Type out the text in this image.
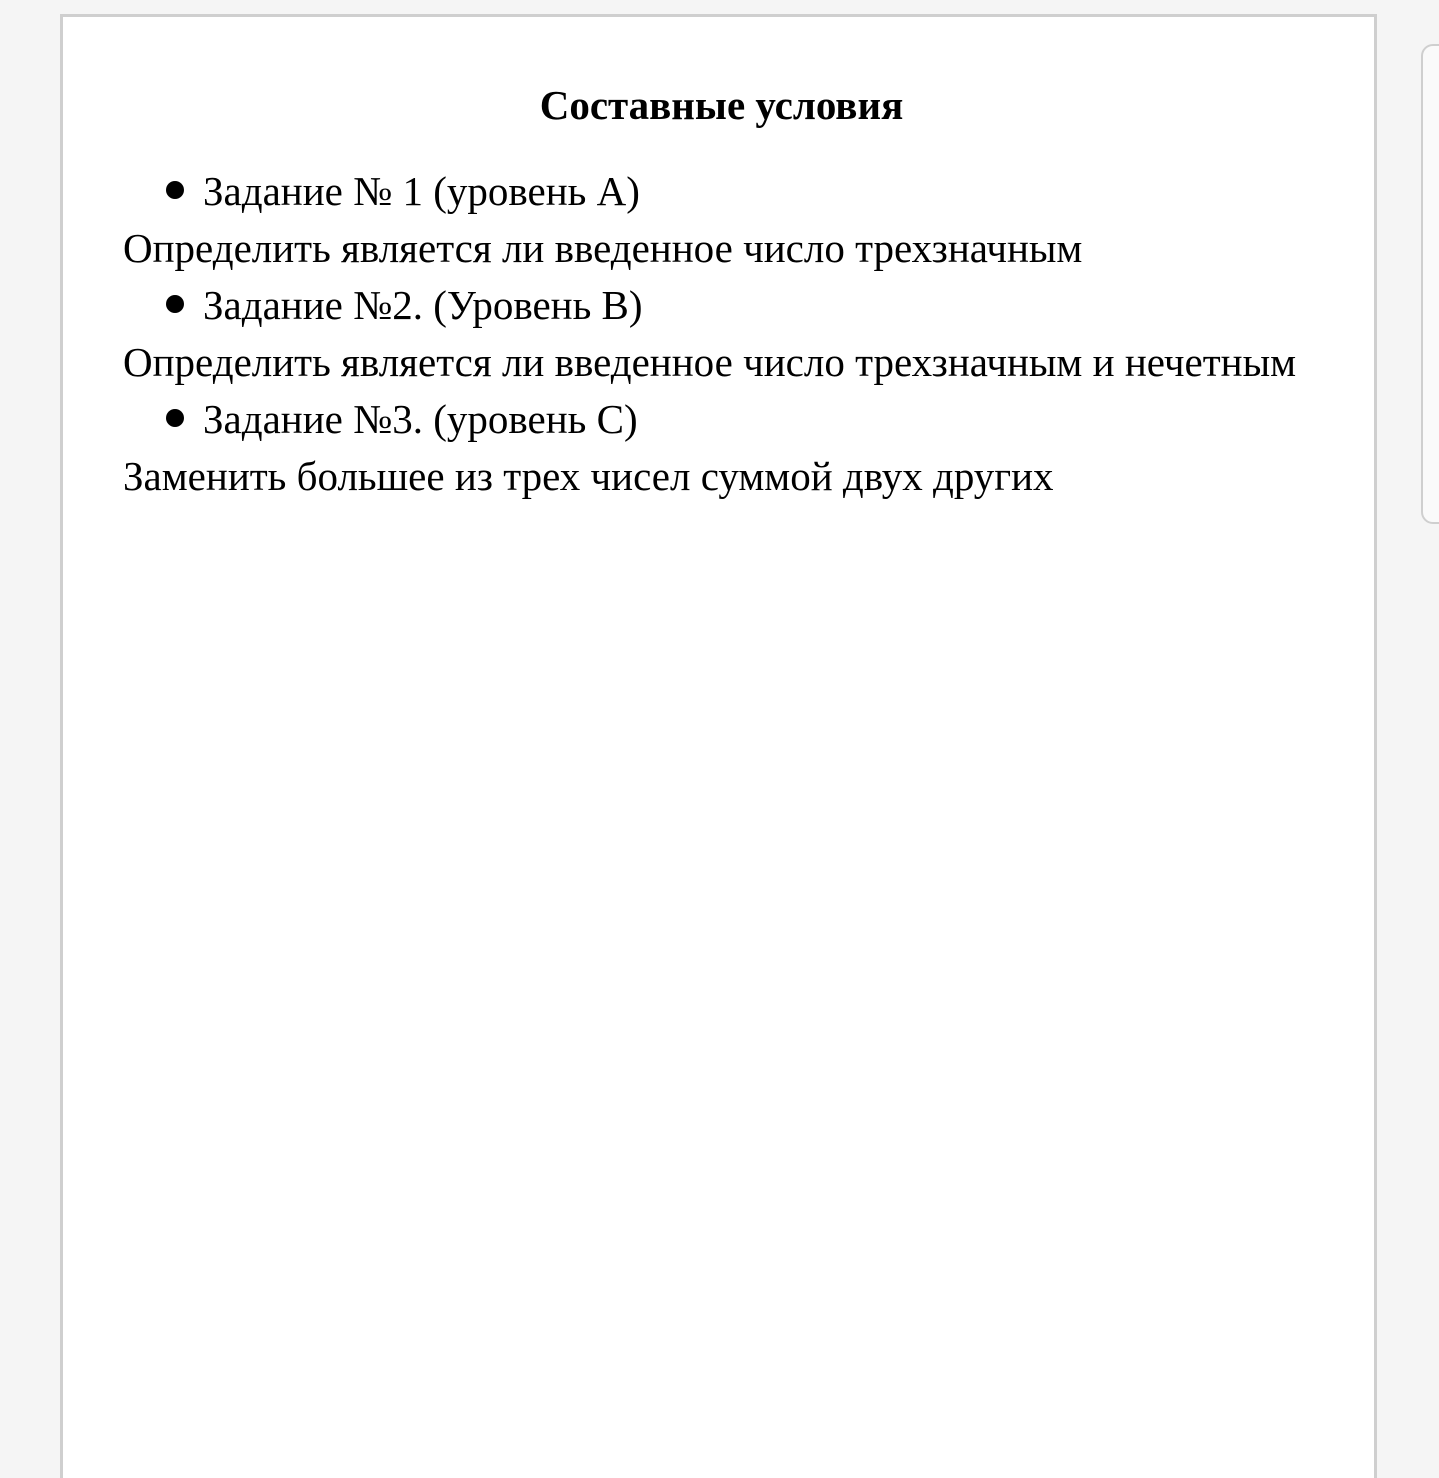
Составные условия
Задание № 1 (уровень А)

Определить является ли введенное число трехзначным

Задание №2. (Уровень В)

Определить является ли введенное число трехзначным и нечетным

Задание №3. (уровень С)

Заменить большее из трех чисел суммой двух других
